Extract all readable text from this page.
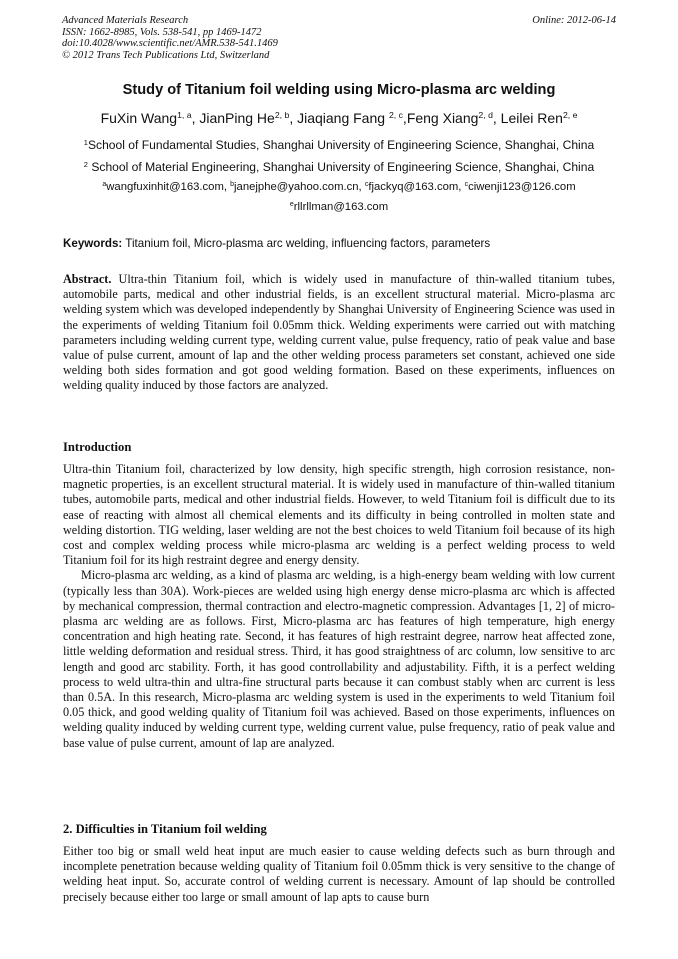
Advanced Materials Research
ISSN: 1662-8985, Vols. 538-541, pp 1469-1472
doi:10.4028/www.scientific.net/AMR.538-541.1469
© 2012 Trans Tech Publications Ltd, Switzerland
Online: 2012-06-14
Study of Titanium foil welding using Micro-plasma arc welding
FuXin Wang$^{1, a}$, JianPing He$^{2, b}$, Jiaqiang Fang $^{2, c}$,Feng Xiang$^{2, d}$, Leilei Ren$^{2, e}$
$^1$School of Fundamental Studies, Shanghai University of Engineering Science, Shanghai, China
$^2$ School of Material Engineering, Shanghai University of Engineering Science, Shanghai, China
$^a$wangfuxinhit@163.com, $^b$janejphe@yahoo.com.cn, $^c$fjackyq@163.com, $^c$ciwenji123@126.com
$^e$rllrllman@163.com
Keywords: Titanium foil, Micro-plasma arc welding, influencing factors, parameters

Abstract. Ultra-thin Titanium foil, which is widely used in manufacture of thin-walled titanium tubes, automobile parts, medical and other industrial fields, is an excellent structural material. Micro-plasma arc welding system which was developed independently by Shanghai University of Engineering Science was used in the experiments of welding Titanium foil 0.05mm thick. Welding experiments were carried out with matching parameters including welding current type, welding current value, pulse frequency, ratio of peak value and base value of pulse current, amount of lap and the other welding process parameters set constant, achieved one side welding both sides formation and got good welding formation. Based on these experiments, influences on welding quality induced by those factors are analyzed.

Introduction

Ultra-thin Titanium foil, characterized by low density, high specific strength, high corrosion resistance, non-magnetic properties, is an excellent structural material. It is widely used in manufacture of thin-walled titanium tubes, automobile parts, medical and other industrial fields. However, to weld Titanium foil is difficult due to its ease of reacting with almost all chemical elements and its difficulty in being controlled in molten state and welding distortion. TIG welding, laser welding are not the best choices to weld Titanium foil because of its high cost and complex welding process while micro-plasma arc welding is a perfect welding process to weld Titanium foil for its high restraint degree and energy density.

Micro-plasma arc welding, as a kind of plasma arc welding, is a high-energy beam welding with low current (typically less than 30A). Work-pieces are welded using high energy dense micro-plasma arc which is affected by mechanical compression, thermal contraction and electro-magnetic compression. Advantages [1, 2] of micro-plasma arc welding are as follows. First, Micro-plasma arc has features of high temperature, high energy concentration and high heating rate. Second, it has features of high restraint degree, narrow heat affected zone, little welding deformation and residual stress. Third, it has good straightness of arc column, low sensitive to arc length and good arc stability. Forth, it has good controllability and adjustability. Fifth, it is a perfect welding process to weld ultra-thin and ultra-fine structural parts because it can combust stably when arc current is less than 0.5A. In this research, Micro-plasma arc welding system is used in the experiments to weld Titanium foil 0.05 thick, and good welding quality of Titanium foil was achieved. Based on those experiments, influences on welding quality induced by welding current type, welding current value, pulse frequency, ratio of peak value and base value of pulse current, amount of lap are analyzed.

2. Difficulties in Titanium foil welding

Either too big or small weld heat input are much easier to cause welding defects such as burn through and incomplete penetration because welding quality of Titanium foil 0.05mm thick is very sensitive to the change of welding heat input. So, accurate control of welding current is necessary. Amount of lap should be controlled precisely because either too large or small amount of lap apts to cause burn
